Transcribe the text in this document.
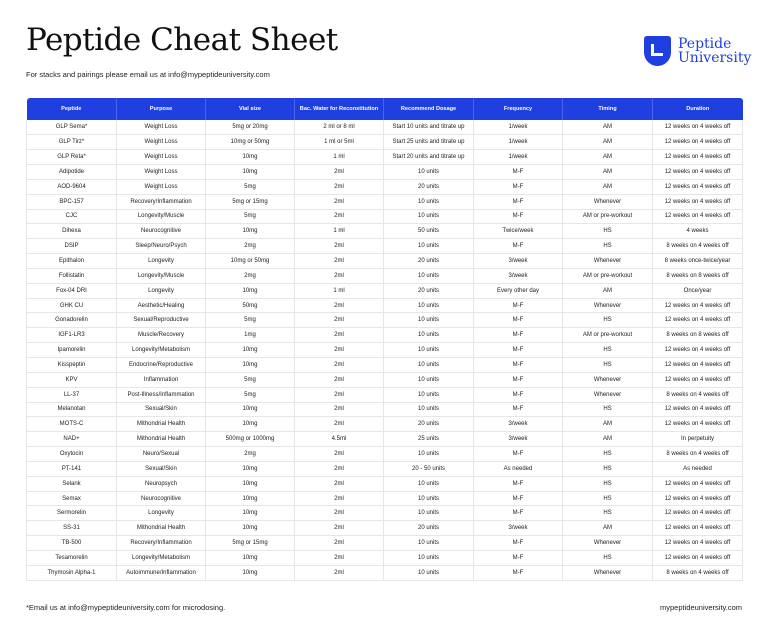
Peptide Cheat Sheet
For stacks and pairings please email us at info@mypeptideuniversity.com
Peptide
University
Peptide	Purpose	Vial size	Bac. Water for Reconstitution	Recommend Dosage	Frequency	Timing	Duration
GLP Sema*	Weight Loss	5mg or 20mg	2 ml or 8 ml	Start 10 units and titrate up	1/week	AM	12 weeks on 4 weeks off
GLP Tirz*	Weight Loss	10mg or 50mg	1 ml or 5ml	Start 25 units and titrate up	1/week	AM	12 weeks on 4 weeks off
GLP Reta*	Weight Loss	10mg	1 ml	Start 20 units and titrate up	1/week	AM	12 weeks on 4 weeks off
Adipotide	Weight Loss	10mg	2ml	10 units	M-F	AM	12 weeks on 4 weeks off
AOD-9604	Weight Loss	5mg	2ml	20 units	M-F	AM	12 weeks on 4 weeks off
BPC-157	Recovery/Inflammation	5mg or 15mg	2ml	10 units	M-F	Whenever	12 weeks on 4 weeks off
CJC	Longevity/Muscle	5mg	2ml	10 units	M-F	AM or pre-workout	12 weeks on 4 weeks off
Dihexa	Neurocognitive	10mg	1 ml	50 units	Twice/week	HS	4 weeks
DSIP	Sleep/Neuro/Psych	2mg	2ml	10 units	M-F	HS	8 weeks on 4 weeks off
Epithalon	Longevity	10mg or 50mg	2ml	20 units	3/week	Whenever	8 weeks once-twice/year
Follistatin	Longevity/Muscle	2mg	2ml	10 units	3/week	AM or pre-workout	8 weeks on 8 weeks off
Fox-04 DRI	Longevity	10mg	1 ml	20 units	Every other day	AM	Once/year
GHK CU	Aesthetic/Healing	50mg	2ml	10 units	M-F	Whenever	12 weeks on 4 weeks off
Gonadorelin	Sexual/Reproductive	5mg	2ml	10 units	M-F	HS	12 weeks on 4 weeks off
IGF1-LR3	Muscle/Recovery	1mg	2ml	10 units	M-F	AM or pre-workout	8 weeks on 8 weeks off
Ipamorelin	Longevity/Metabolism	10mg	2ml	10 units	M-F	HS	12 weeks on 4 weeks off
Kisspeptin	Endocrine/Reproductive	10mg	2ml	10 units	M-F	HS	12 weeks on 4 weeks off
KPV	Inflammation	5mg	2ml	10 units	M-F	Whenever	12 weeks on 4 weeks off
LL-37	Post-Illness/Inflammation	5mg	2ml	10 units	M-F	Whenever	8 weeks on 4 weeks off
Melanotan	Sexual/Skin	10mg	2ml	10 units	M-F	HS	12 weeks on 4 weeks off
MOTS-C	Mithondrial Health	10mg	2ml	20 units	3/week	AM	12 weeks on 4 weeks off
NAD+	Mithondrial Health	500mg or 1000mg	4.5ml	25 units	3/week	AM	In perpetuity
Oxytocin	Neuro/Sexual	2mg	2ml	10 units	M-F	HS	8 weeks on 4 weeks off
PT-141	Sexual/Skin	10mg	2ml	20 - 50 units	As needed	HS	As needed
Selank	Neuropsych	10mg	2ml	10 units	M-F	HS	12 weeks on 4 weeks off
Semax	Neurocognitive	10mg	2ml	10 units	M-F	HS	12 weeks on 4 weeks off
Sermorelin	Longevity	10mg	2ml	10 units	M-F	HS	12 weeks on 4 weeks off
SS-31	Mithondrial Health	10mg	2ml	20 units	3/week	AM	12 weeks on 4 weeks off
TB-500	Recovery/Inflammation	5mg or 15mg	2ml	10 units	M-F	Whenever	12 weeks on 4 weeks off
Tesamorelin	Longevity/Metabolism	10mg	2ml	10 units	M-F	HS	12 weeks on 4 weeks off
Thymosin Alpha-1	Autoimmune/Inflammation	10mg	2ml	10 units	M-F	Whenever	8 weeks on 4 weeks off
*Email us at info@mypeptideuniversity.com for microdosing.	mypeptideuniversity.com
